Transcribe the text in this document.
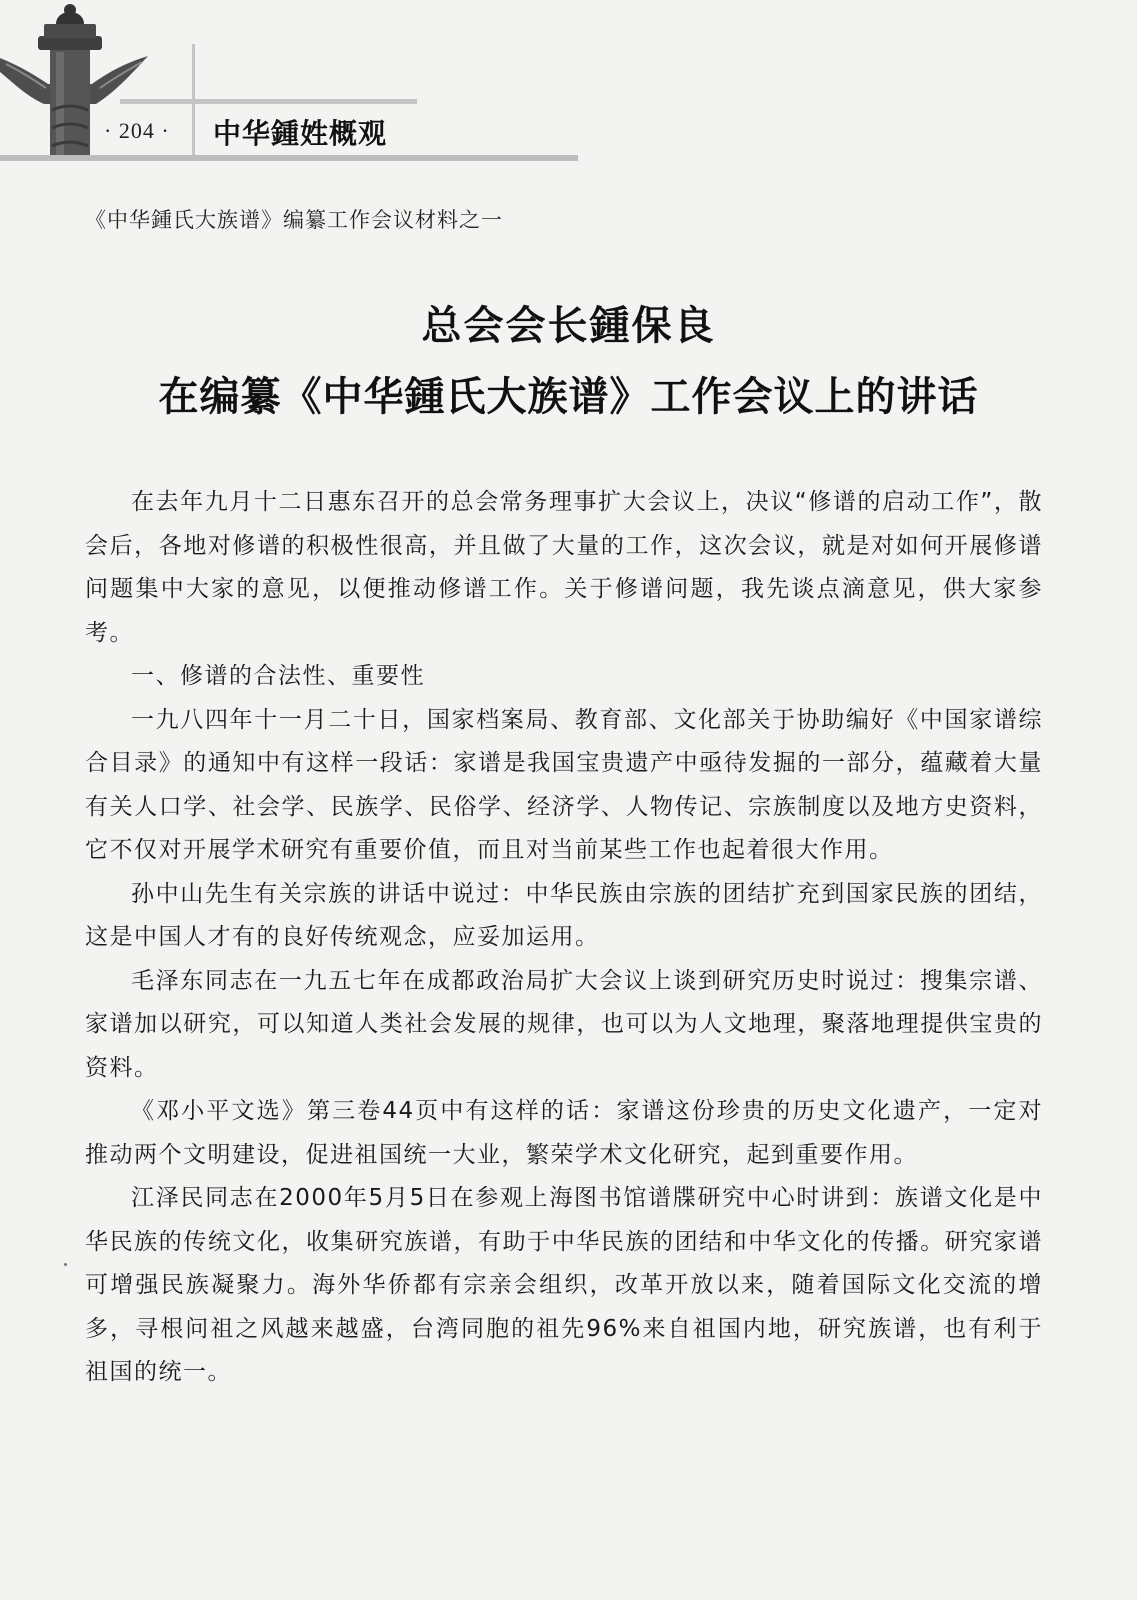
· 204 · 中华鍾姓概观
《中华鍾氏大族谱》编纂工作会议材料之一
总会会长鍾保良
在编纂《中华鍾氏大族谱》工作会议上的讲话

在去年九月十二日惠东召开的总会常务理事扩大会议上，决议“修谱的启动工作”，散会后，各地对修谱的积极性很高，并且做了大量的工作，这次会议，就是对如何开展修谱问题集中大家的意见，以便推动修谱工作。关于修谱问题，我先谈点滴意见，供大家参考。

一、修谱的合法性、重要性

一九八四年十一月二十日，国家档案局、教育部、文化部关于协助编好《中国家谱综合目录》的通知中有这样一段话：家谱是我国宝贵遗产中亟待发掘的一部分，蕴藏着大量有关人口学、社会学、民族学、民俗学、经济学、人物传记、宗族制度以及地方史资料，它不仅对开展学术研究有重要价值，而且对当前某些工作也起着很大作用。

孙中山先生有关宗族的讲话中说过：中华民族由宗族的团结扩充到国家民族的团结，这是中国人才有的良好传统观念，应妥加运用。

毛泽东同志在一九五七年在成都政治局扩大会议上谈到研究历史时说过：搜集宗谱、家谱加以研究，可以知道人类社会发展的规律，也可以为人文地理，聚落地理提供宝贵的资料。

《邓小平文选》第三卷44页中有这样的话：家谱这份珍贵的历史文化遗产，一定对推动两个文明建设，促进祖国统一大业，繁荣学术文化研究，起到重要作用。

江泽民同志在2000年5月5日在参观上海图书馆谱牒研究中心时讲到：族谱文化是中华民族的传统文化，收集研究族谱，有助于中华民族的团结和中华文化的传播。研究家谱可增强民族凝聚力。海外华侨都有宗亲会组织，改革开放以来，随着国际文化交流的增多，寻根问祖之风越来越盛，台湾同胞的祖先96%来自祖国内地，研究族谱，也有利于祖国的统一。
